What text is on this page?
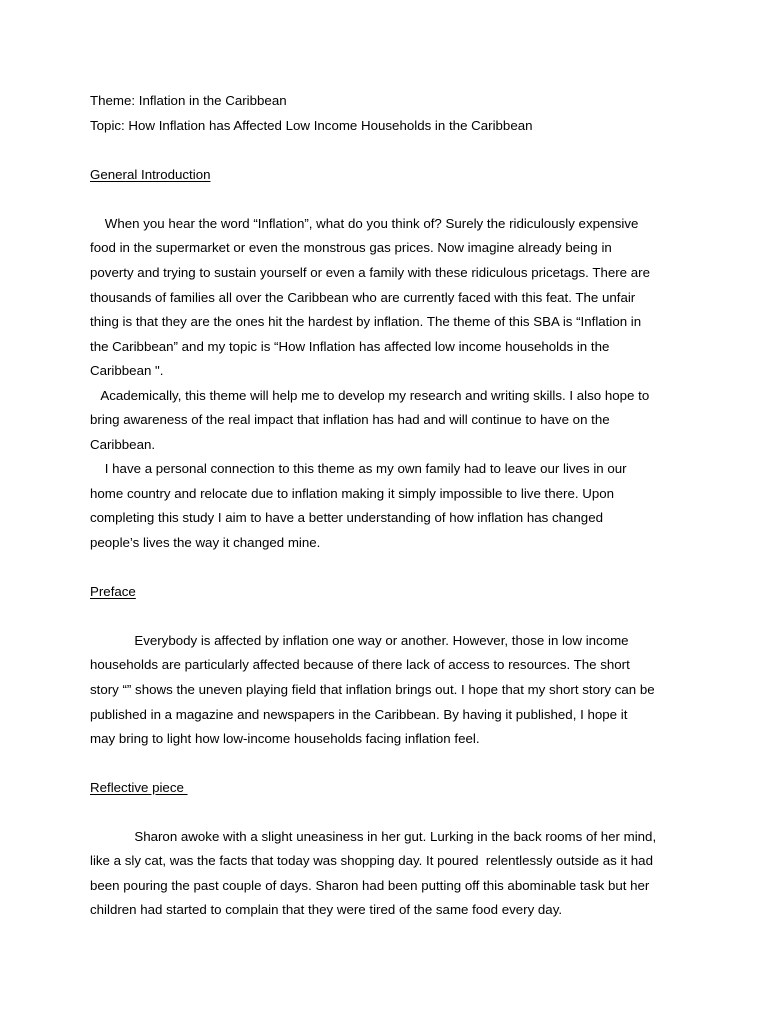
Theme: Inflation in the Caribbean

Topic: How Inflation has Affected Low Income Households in the Caribbean

General Introduction

When you hear the word “Inflation”, what do you think of? Surely the ridiculously expensive

food in the supermarket or even the monstrous gas prices. Now imagine already being in

poverty and trying to sustain yourself or even a family with these ridiculous pricetags. There are

thousands of families all over the Caribbean who are currently faced with this feat. The unfair

thing is that they are the ones hit the hardest by inflation. The theme of this SBA is “Inflation in

the Caribbean” and my topic is “How Inflation has affected low income households in the

Caribbean ".

Academically, this theme will help me to develop my research and writing skills. I also hope to

bring awareness of the real impact that inflation has had and will continue to have on the

Caribbean.

I have a personal connection to this theme as my own family had to leave our lives in our

home country and relocate due to inflation making it simply impossible to live there. Upon

completing this study I aim to have a better understanding of how inflation has changed

people’s lives the way it changed mine.

Preface

Everybody is affected by inflation one way or another. However, those in low income

households are particularly affected because of there lack of access to resources. The short

story “” shows the uneven playing field that inflation brings out. I hope that my short story can be

published in a magazine and newspapers in the Caribbean. By having it published, I hope it

may bring to light how low-income households facing inflation feel.

Reflective piece

Sharon awoke with a slight uneasiness in her gut. Lurking in the back rooms of her mind,

like a sly cat, was the facts that today was shopping day. It poured  relentlessly outside as it had

been pouring the past couple of days. Sharon had been putting off this abominable task but her

children had started to complain that they were tired of the same food every day.
